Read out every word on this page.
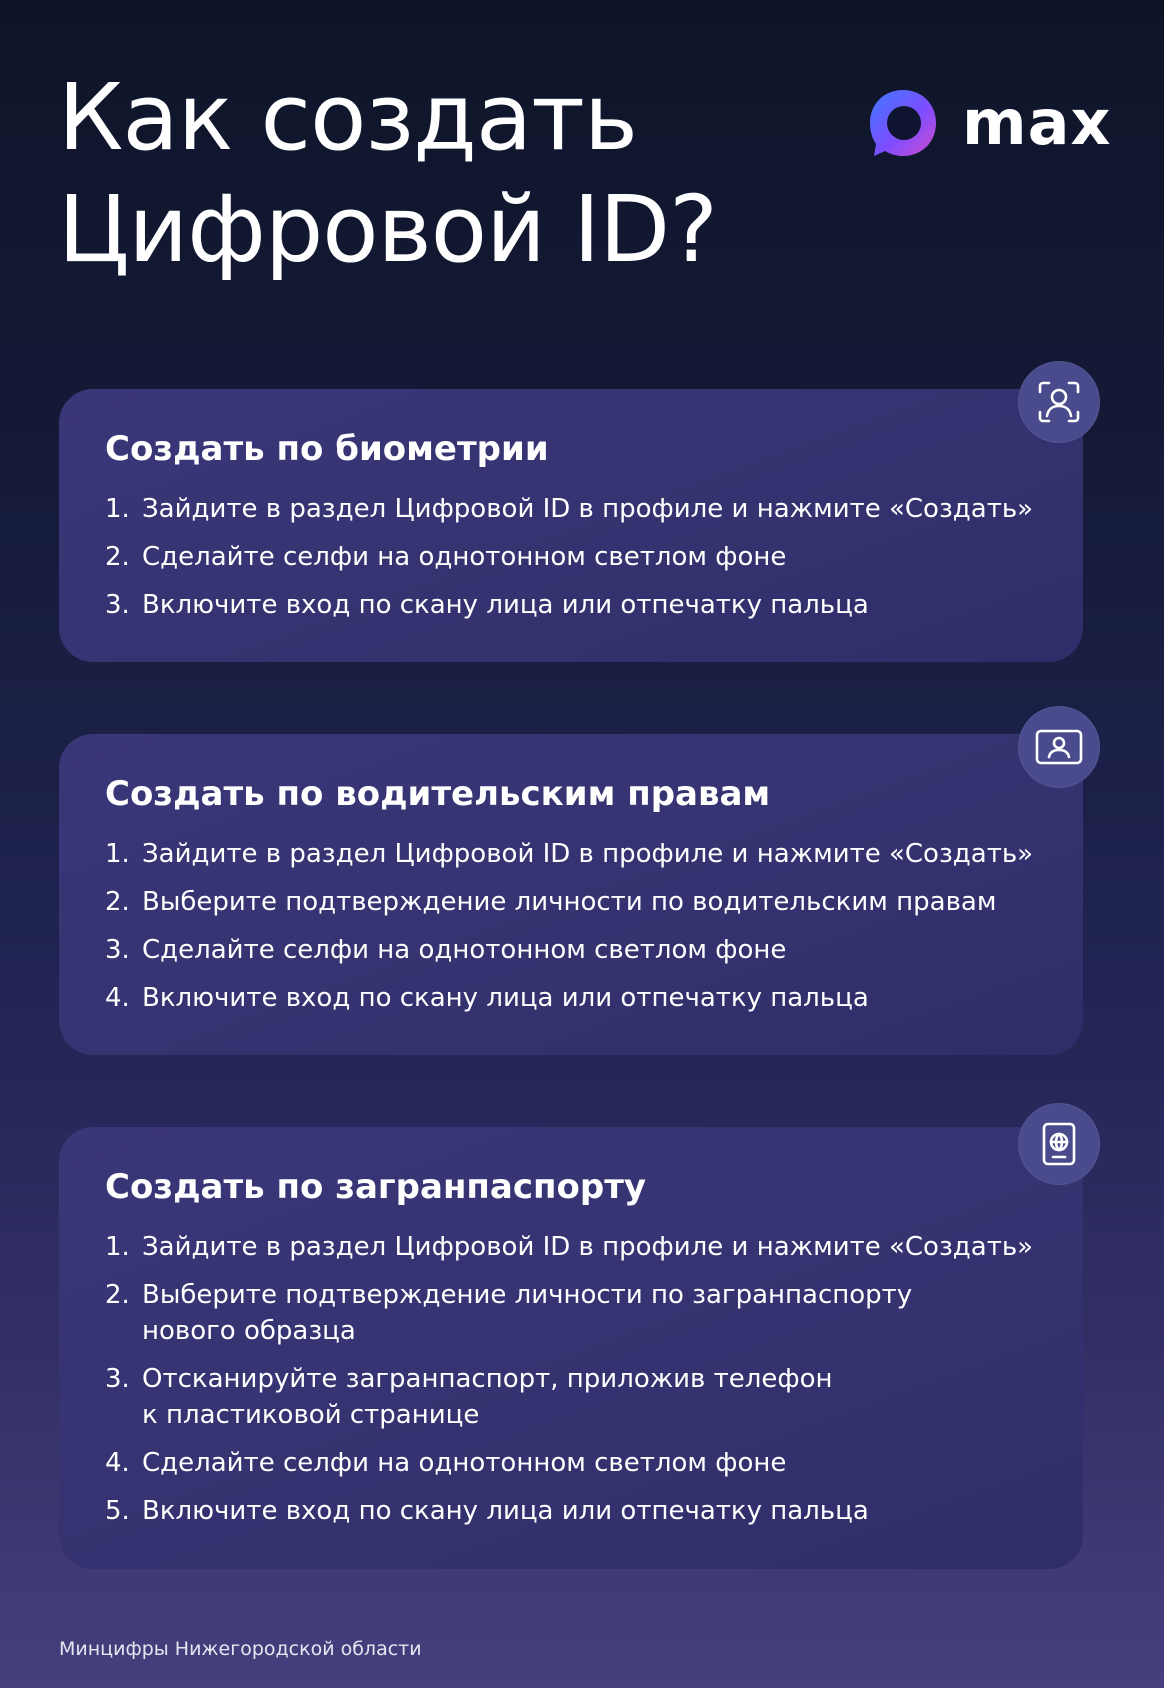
Как создать
Цифровой ID?
max
Создать по биометрии
1. Зайдите в раздел Цифровой ID в профиле и нажмите «Создать»
2. Сделайте селфи на однотонном светлом фоне
3. Включите вход по скану лица или отпечатку пальца
Создать по водительским правам
1. Зайдите в раздел Цифровой ID в профиле и нажмите «Создать»
2. Выберите подтверждение личности по водительским правам
3. Сделайте селфи на однотонном светлом фоне
4. Включите вход по скану лица или отпечатку пальца
Создать по загранпаспорту
1. Зайдите в раздел Цифровой ID в профиле и нажмите «Создать»
2. Выберите подтверждение личности по загранпаспорту
нового образца
3. Отсканируйте загранпаспорт, приложив телефон
к пластиковой странице
4. Сделайте селфи на однотонном светлом фоне
5. Включите вход по скану лица или отпечатку пальца
Минцифры Нижегородской области
